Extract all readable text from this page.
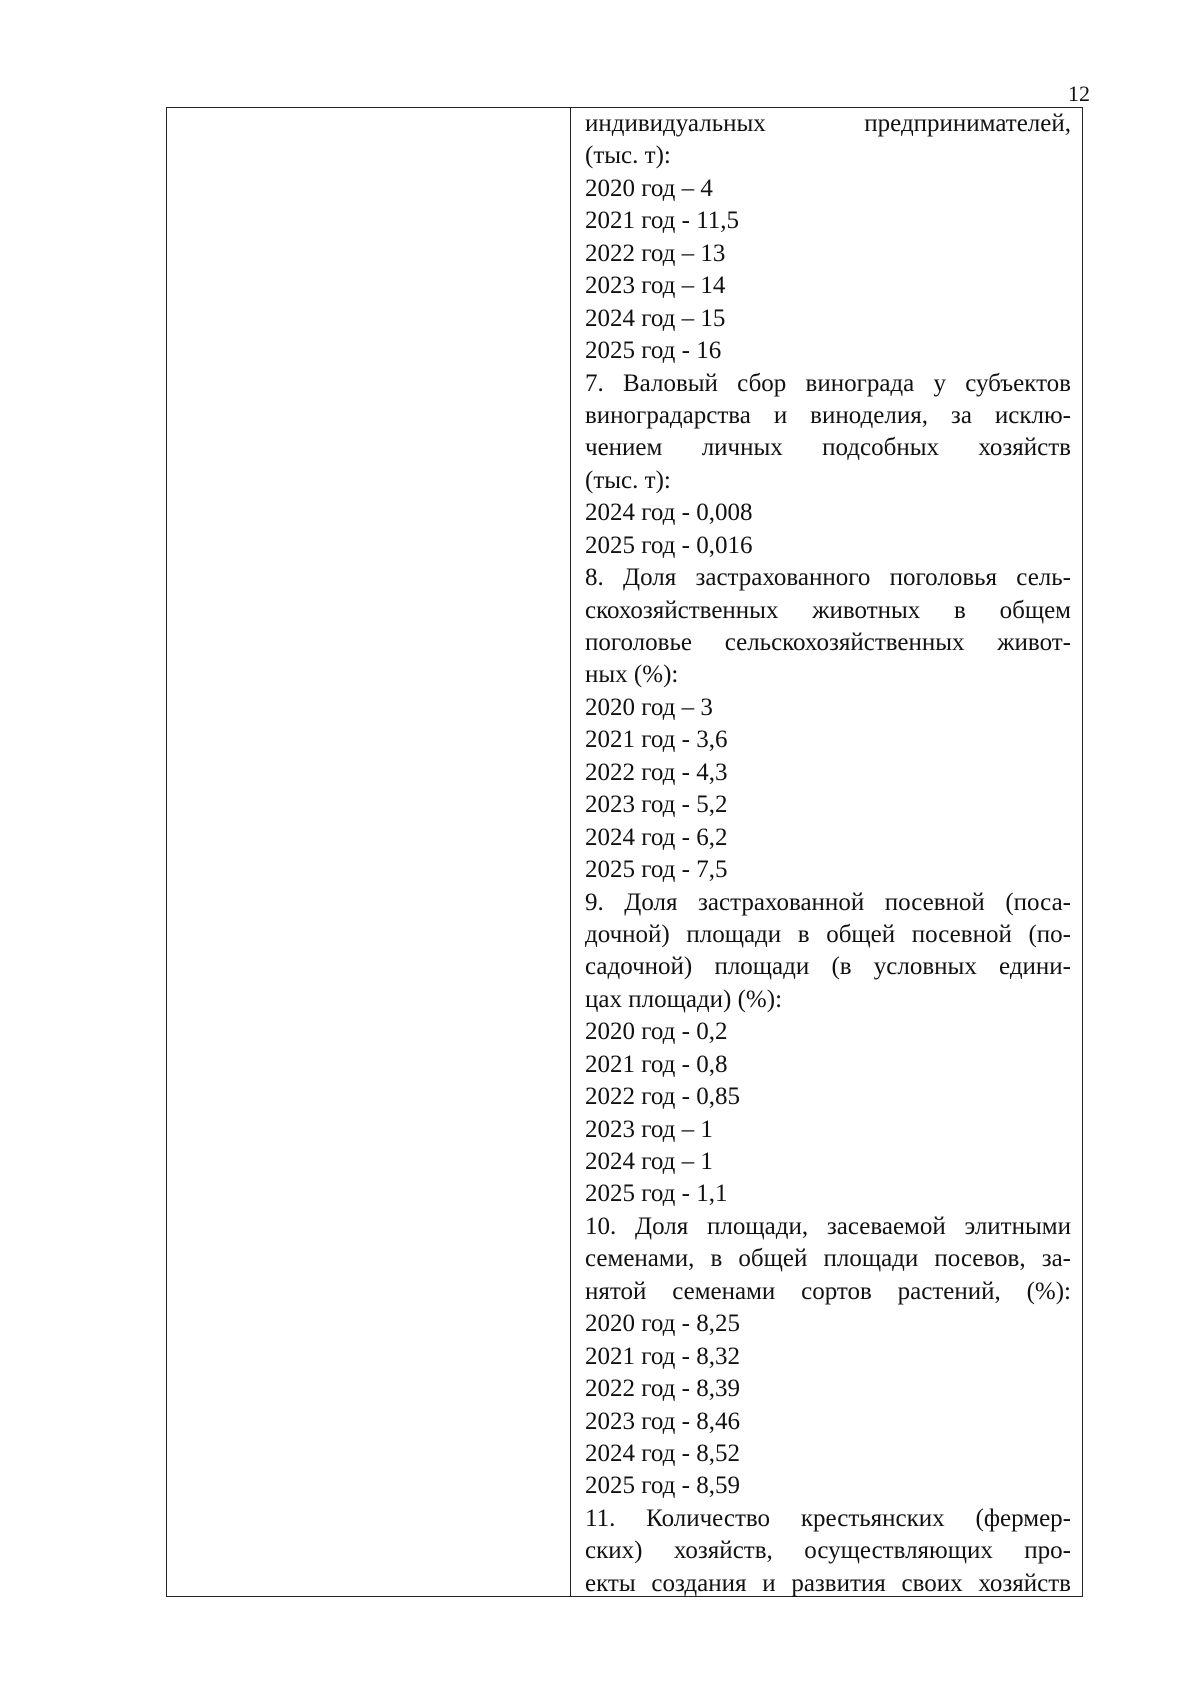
12
индивидуальных предпринимателей,
(тыс. т):
2020 год – 4
2021 год - 11,5
2022 год – 13
2023 год – 14
2024 год – 15
2025 год - 16
7. Валовый сбор винограда у субъектов
виноградарства и виноделия, за исклю-
чением личных подсобных хозяйств
(тыс. т):
2024 год - 0,008
2025 год - 0,016
8. Доля застрахованного поголовья сель-
скохозяйственных животных в общем
поголовье сельскохозяйственных живот-
ных (%):
2020 год – 3
2021 год - 3,6
2022 год - 4,3
2023 год - 5,2
2024 год - 6,2
2025 год - 7,5
9. Доля застрахованной посевной (поса-
дочной) площади в общей посевной (по-
садочной) площади (в условных едини-
цах площади) (%):
2020 год - 0,2
2021 год - 0,8
2022 год - 0,85
2023 год – 1
2024 год – 1
2025 год - 1,1
10. Доля площади, засеваемой элитными
семенами, в общей площади посевов, за-
нятой семенами сортов растений, (%):
2020 год - 8,25
2021 год - 8,32
2022 год - 8,39
2023 год - 8,46
2024 год - 8,52
2025 год - 8,59
11. Количество крестьянских (фермер-
ских) хозяйств, осуществляющих про-
екты создания и развития своих хозяйств
